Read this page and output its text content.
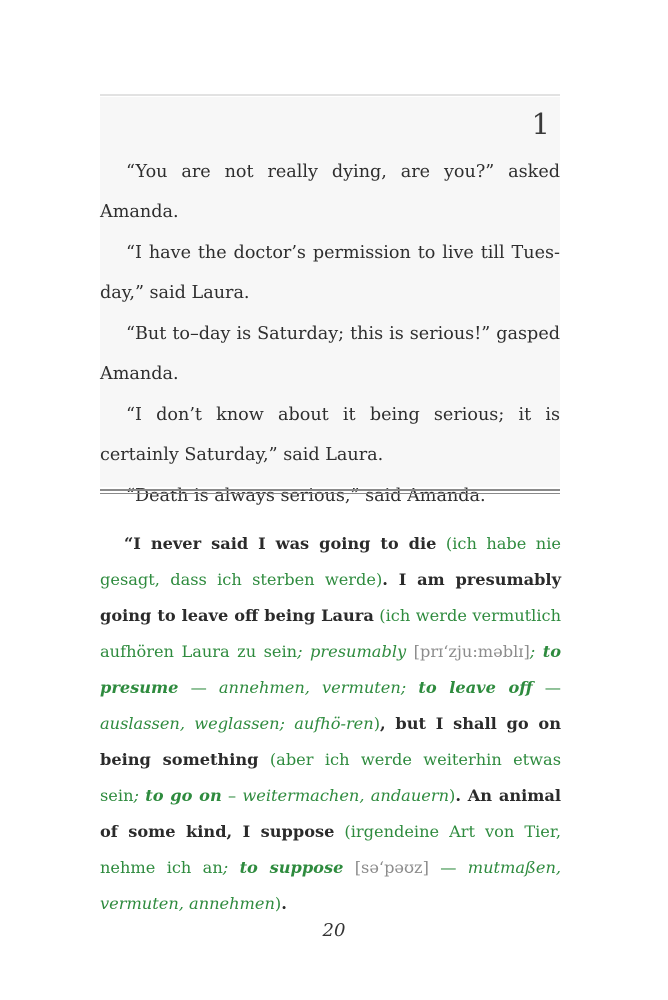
1

“You are not really dying, are you?” asked Amanda.

“I have the doctor’s permission to live till Tues-day,” said Laura.

“But to–day is Saturday; this is serious!” gasped Amanda.

“I don’t know about it being serious; it is certainly Saturday,” said Laura.

“Death is always serious,” said Amanda.

“I never said I was going to die (ich habe nie gesagt, dass ich sterben werde). I am presumably going to leave off being Laura (ich werde vermutlich aufhören Laura zu sein; presumably [prɪ‘zju:məblɪ]; to presume — annehmen, vermuten; to leave off — auslassen, weglassen; aufhö-ren), but I shall go on being something (aber ich werde weiterhin etwas sein; to go on – weitermachen, andauern). An animal of some kind, I suppose (irgendeine Art von Tier, nehme ich an; to suppose [sə‘pəʊz] — mutmaßen, vermuten, annehmen).

20
